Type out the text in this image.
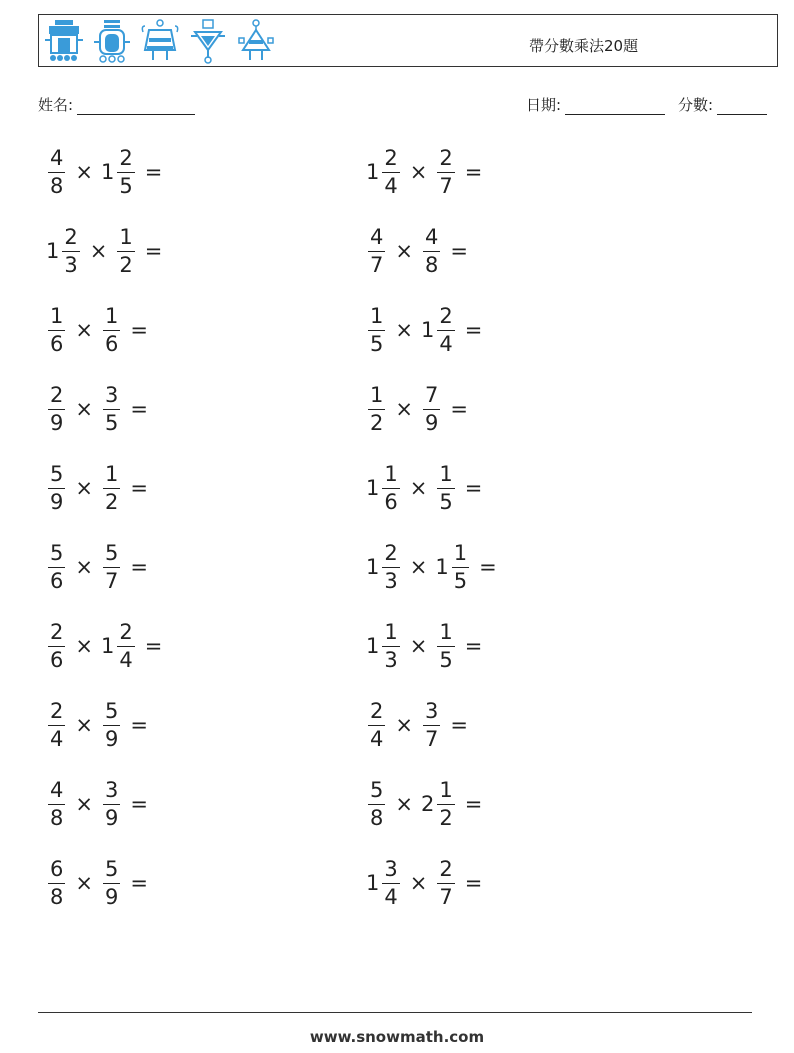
帶分數乘法20題
姓名:	日期:	分數:
$\frac{4}{8} \times 1 \frac{2}{5}$ =
$1 \frac{2}{3} \times \frac{1}{2}$ =
$\frac{1}{6} \times \frac{1}{6}$ =
$\frac{2}{9} \times \frac{3}{5}$ =
$\frac{5}{9} \times \frac{1}{2}$ =
$\frac{5}{6} \times \frac{5}{7}$ =
$\frac{2}{6} \times 1 \frac{2}{4}$ =
$\frac{2}{4} \times \frac{5}{9}$ =
$\frac{4}{8} \times \frac{3}{9}$ =
$\frac{6}{8} \times \frac{5}{9}$ =
$1 \frac{2}{4} \times \frac{2}{7}$ =
$\frac{4}{7} \times \frac{4}{8}$ =
$\frac{1}{5} \times 1 \frac{2}{4}$ =
$\frac{1}{2} \times \frac{7}{9}$ =
$1 \frac{1}{6} \times \frac{1}{5}$ =
$1 \frac{2}{3} \times 1 \frac{1}{5}$ =
$1 \frac{1}{3} \times \frac{1}{5}$ =
$\frac{2}{4} \times \frac{3}{7}$ =
$\frac{5}{8} \times 2 \frac{1}{2}$ =
$1 \frac{3}{4} \times \frac{2}{7}$ =
www.snowmath.com
